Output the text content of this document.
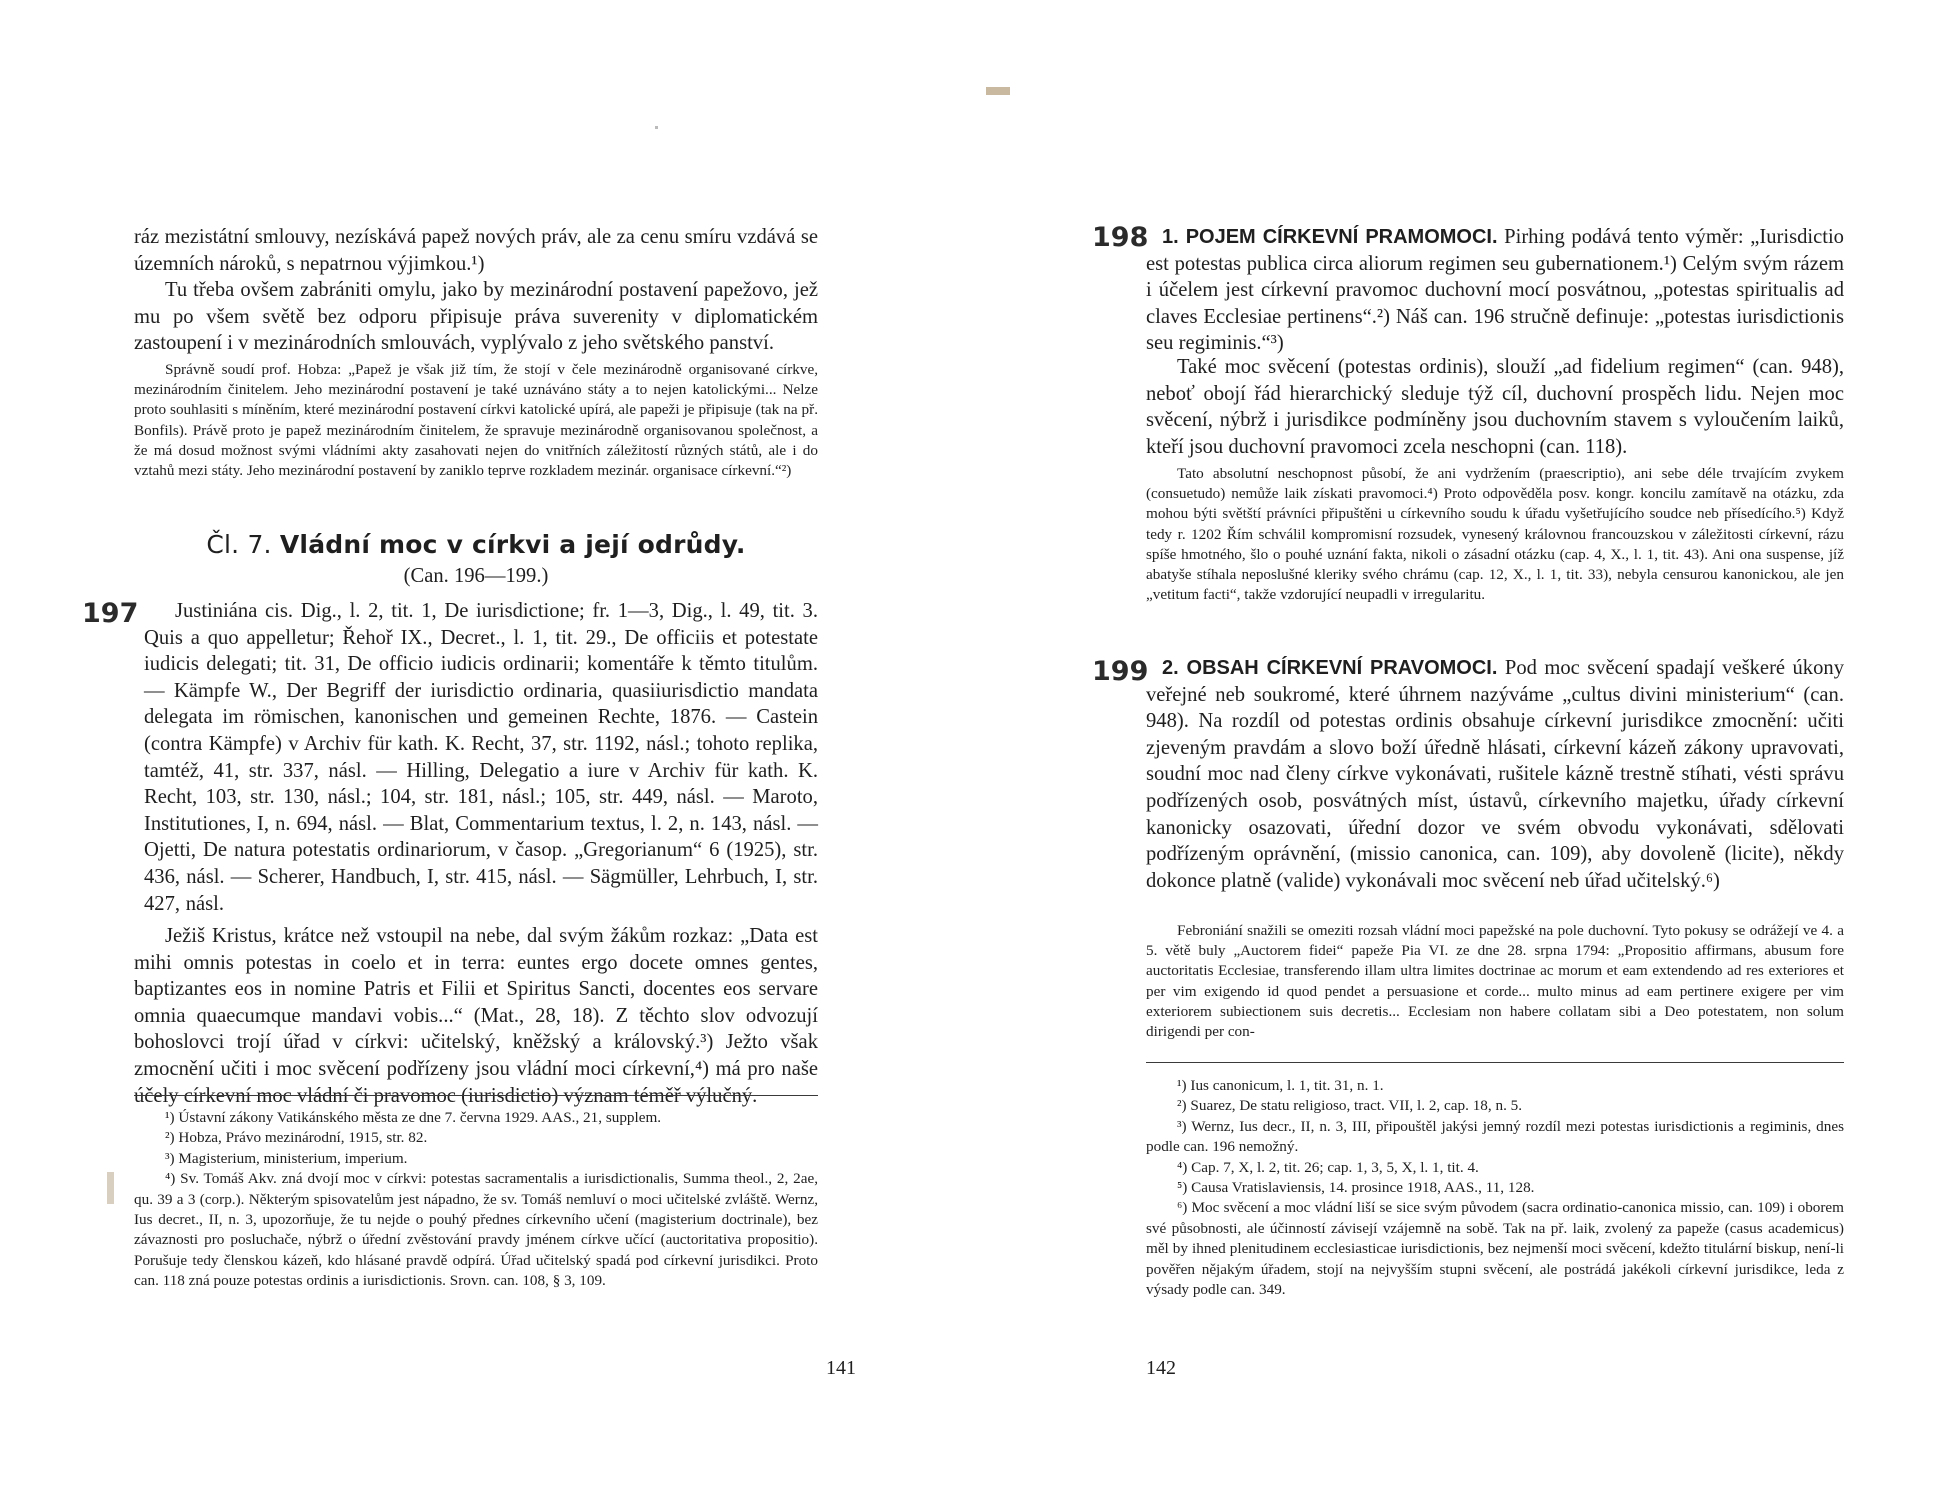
ráz mezistátní smlouvy, nezískává papež nových práv, ale za cenu smíru vzdává se územních nároků, s nepatrnou výjimkou.¹)

Tu třeba ovšem zabrániti omylu, jako by mezinárodní postavení papežovo, jež mu po všem světě bez odporu připisuje práva suverenity v diplomatickém zastoupení i v mezinárodních smlouvách, vyplývalo z jeho světského panství.

Správně soudí prof. Hobza: „Papež je však již tím, že stojí v čele mezinárodně organisované církve, mezinárodním činitelem. Jeho mezinárodní postavení je také uznáváno státy a to nejen katolickými... Nelze proto souhlasiti s míněním, které mezinárodní postavení církvi katolické upírá, ale papeži je připisuje (tak na př. Bonfils). Právě proto je papež mezinárodním činitelem, že spravuje mezinárodně organisovanou společnost, a že má dosud možnost svými vládními akty zasahovati nejen do vnitřních záležitostí různých států, ale i do vztahů mezi státy. Jeho mezinárodní postavení by zaniklo teprve rozkladem mezinár. organisace církevní.“²)

Čl. 7. Vládní moc v církvi a její odrůdy.

(Can. 196—199.)

197	Justiniána cis. Dig., l. 2, tit. 1, De iurisdictione; fr. 1—3, Dig., l. 49, tit. 3. Quis a quo appelletur; Řehoř IX., Decret., l. 1, tit. 29., De officiis et potestate iudicis delegati; tit. 31, De officio iudicis ordinarii; komentáře k těmto titulům. — Kämpfe W., Der Begriff der iurisdictio ordinaria, quasiiurisdictio mandata delegata im römischen, kanonischen und gemeinen Rechte, 1876. — Castein (contra Kämpfe) v Archiv für kath. K. Recht, 37, str. 1192, násl.; tohoto replika, tamtéž, 41, str. 337, násl. — Hilling, Delegatio a iure v Archiv für kath. K. Recht, 103, str. 130, násl.; 104, str. 181, násl.; 105, str. 449, násl. — Maroto, Institutiones, I, n. 694, násl. — Blat, Commentarium textus, l. 2, n. 143, násl. — Ojetti, De natura potestatis ordinariorum, v časop. „Gregorianum“ 6 (1925), str. 436, násl. — Scherer, Handbuch, I, str. 415, násl. — Sägmüller, Lehrbuch, I, str. 427, násl.

Ježiš Kristus, krátce než vstoupil na nebe, dal svým žákům rozkaz: „Data est mihi omnis potestas in coelo et in terra: euntes ergo docete omnes gentes, baptizantes eos in nomine Patris et Filii et Spiritus Sancti, docentes eos servare omnia quaecumque mandavi vobis...“ (Mat., 28, 18). Z těchto slov odvozují bohoslovci trojí úřad v církvi: učitelský, kněžský a královský.³) Ježto však zmocnění učiti i moc svěcení podřízeny jsou vládní moci církevní,⁴) má pro naše účely církevní moc vládní či pravomoc (iurisdictio) význam téměř výlučný.

¹) Ústavní zákony Vatikánského města ze dne 7. června 1929. AAS., 21, supplem.

²) Hobza, Právo mezinárodní, 1915, str. 82.

³) Magisterium, ministerium, imperium.

⁴) Sv. Tomáš Akv. zná dvojí moc v církvi: potestas sacramentalis a iurisdictionalis, Summa theol., 2, 2ae, qu. 39 a 3 (corp.). Některým spisovatelům jest nápadno, že sv. Tomáš nemluví o moci učitelské zvláště. Wernz, Ius decret., II, n. 3, upozorňuje, že tu nejde o pouhý přednes církevního učení (magisterium doctrinale), bez závaznosti pro posluchače, nýbrž o úřední zvěstování pravdy jménem církve učící (auctoritativa propositio). Porušuje tedy členskou kázeň, kdo hlásané pravdě odpírá. Úřad učitelský spadá pod církevní jurisdikci. Proto can. 118 zná pouze potestas ordinis a iurisdictionis. Srovn. can. 108, § 3, 109.

141

198 1. POJEM CÍRKEVNÍ PRAMOMOCI. Pirhing podává tento výměr: „Iurisdictio est potestas publica circa aliorum regimen seu gubernationem.¹) Celým svým rázem i účelem jest církevní pravomoc duchovní mocí posvátnou, „potestas spiritualis ad claves Ecclesiae pertinens“.²) Náš can. 196 stručně definuje: „potestas iurisdictionis seu regiminis.“³)

Také moc svěcení (potestas ordinis), slouží „ad fidelium regimen“ (can. 948), neboť obojí řád hierarchický sleduje týž cíl, duchovní prospěch lidu. Nejen moc svěcení, nýbrž i jurisdikce podmíněny jsou duchovním stavem s vyloučením laiků, kteří jsou duchovní pravomoci zcela neschopni (can. 118).

Tato absolutní neschopnost působí, že ani vydržením (praescriptio), ani sebe déle trvajícím zvykem (consuetudo) nemůže laik získati pravomoci.⁴) Proto odpověděla posv. kongr. koncilu zamítavě na otázku, zda mohou býti světští právníci připuštěni u církevního soudu k úřadu vyšetřujícího soudce neb přísedícího.⁵) Když tedy r. 1202 Řím schválil kompromisní rozsudek, vynesený královnou francouzskou v záležitosti církevní, rázu spíše hmotného, šlo o pouhé uznání fakta, nikoli o zásadní otázku (cap. 4, X., l. 1, tit. 43). Ani ona suspense, jíž abatyše stíhala neposlušné kleriky svého chrámu (cap. 12, X., l. 1, tit. 33), nebyla censurou kanonickou, ale jen „vetitum facti“, takže vzdorující neupadli v irregularitu.

199 2. OBSAH CÍRKEVNÍ PRAVOMOCI. Pod moc svěcení spadají veškeré úkony veřejné neb soukromé, které úhrnem nazýváme „cultus divini ministerium“ (can. 948). Na rozdíl od potestas ordinis obsahuje církevní jurisdikce zmocnění: učiti zjeveným pravdám a slovo boží úředně hlásati, církevní kázeň zákony upravovati, soudní moc nad členy církve vykonávati, rušitele kázně trestně stíhati, vésti správu podřízených osob, posvátných míst, ústavů, církevního majetku, úřady církevní kanonicky osazovati, úřední dozor ve svém obvodu vykonávati, sdělovati podřízeným oprávnění, (missio canonica, can. 109), aby dovoleně (licite), někdy dokonce platně (valide) vykonávali moc svěcení neb úřad učitelský.⁶)

Febroniání snažili se omeziti rozsah vládní moci papežské na pole duchovní. Tyto pokusy se odrážejí ve 4. a 5. větě buly „Auctorem fidei“ papeže Pia VI. ze dne 28. srpna 1794: „Propositio affirmans, abusum fore auctoritatis Ecclesiae, transferendo illam ultra limites doctrinae ac morum et eam extendendo ad res exteriores et per vim exigendo id quod pendet a persuasione et corde... multo minus ad eam pertinere exigere per vim exteriorem subiectionem suis decretis... Ecclesiam non habere collatam sibi a Deo potestatem, non solum dirigendi per con-

¹) Ius canonicum, l. 1, tit. 31, n. 1.

²) Suarez, De statu religioso, tract. VII, l. 2, cap. 18, n. 5.

³) Wernz, Ius decr., II, n. 3, III, připouštěl jakýsi jemný rozdíl mezi potestas iurisdictionis a regiminis, dnes podle can. 196 nemožný.

⁴) Cap. 7, X, l. 2, tit. 26; cap. 1, 3, 5, X, l. 1, tit. 4.

⁵) Causa Vratislaviensis, 14. prosince 1918, AAS., 11, 128.

⁶) Moc svěcení a moc vládní liší se sice svým původem (sacra ordinatio-canonica missio, can. 109) i oborem své působnosti, ale účinností závisejí vzájemně na sobě. Tak na př. laik, zvolený za papeže (casus academicus) měl by ihned plenitudinem ecclesiasticae iurisdictionis, bez nejmenší moci svěcení, kdežto titulární biskup, není-li pověřen nějakým úřadem, stojí na nejvyšším stupni svěcení, ale postrádá jakékoli církevní jurisdikce, leda z výsady podle can. 349.

142
